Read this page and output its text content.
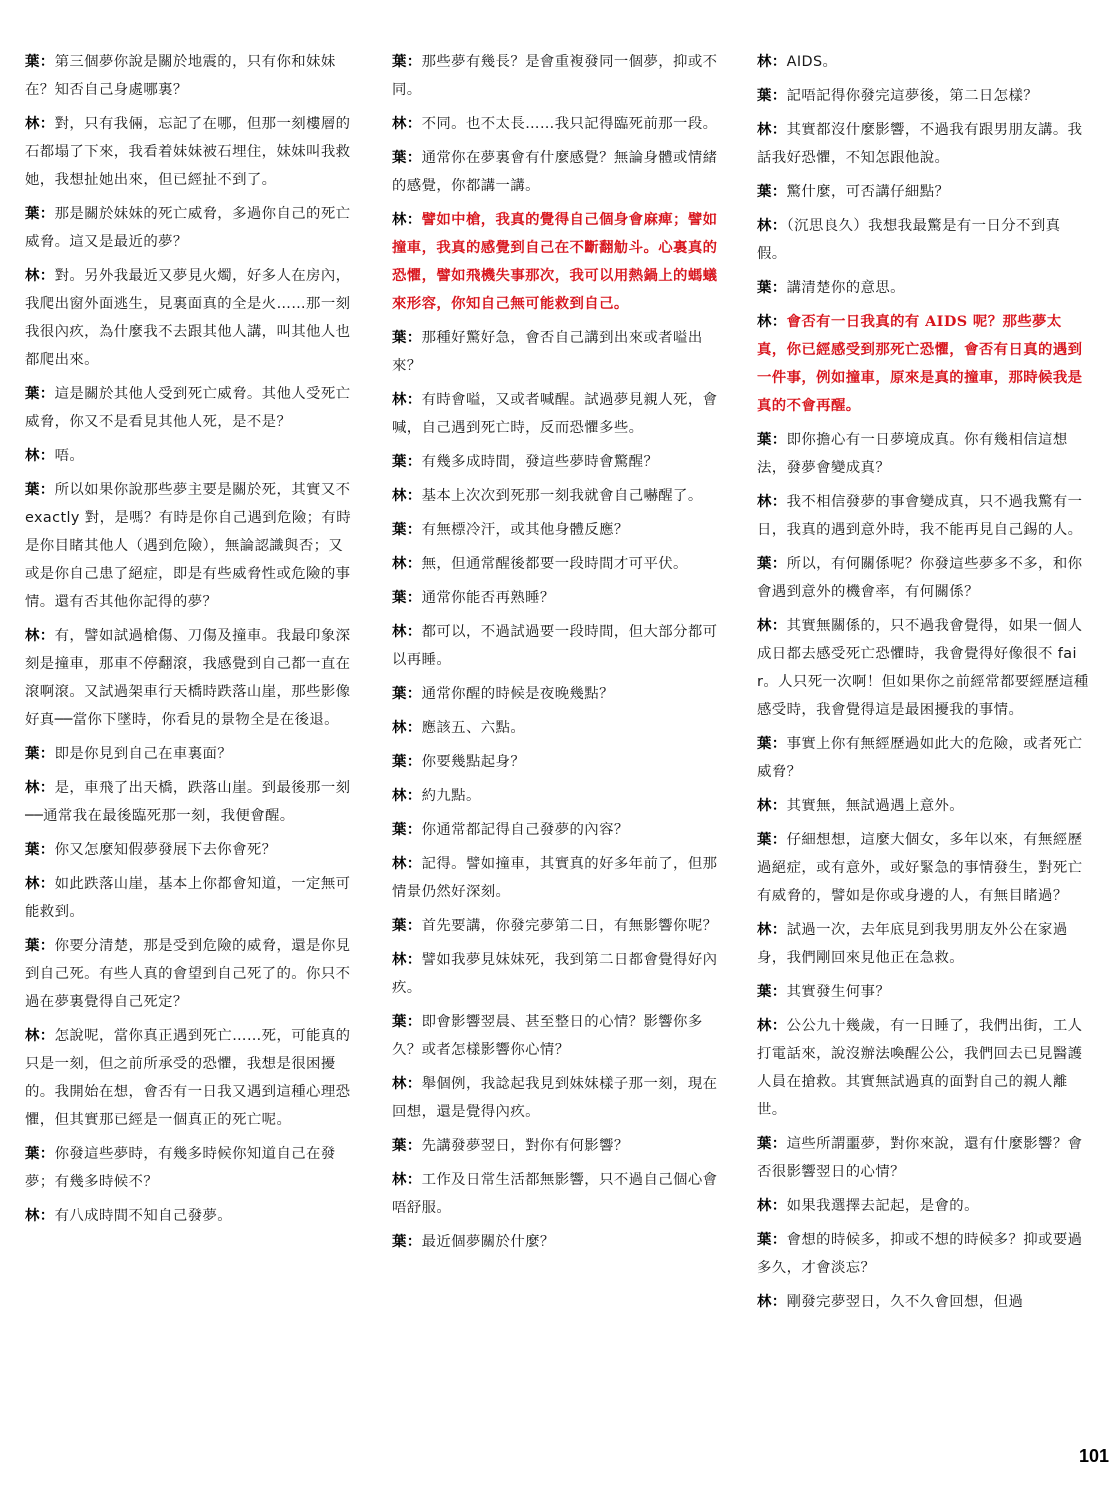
葉：第三個夢你說是關於地震的，只有你和妹妹在？知否自己身處哪裏？

林：對，只有我倆，忘記了在哪，但那一刻樓層的石都塌了下來，我看着妹妹被石埋住，妹妹叫我救她，我想扯她出來，但已經扯不到了。

葉：那是關於妹妹的死亡威脅，多過你自己的死亡威脅。這又是最近的夢？

林：對。另外我最近又夢見火燭，好多人在房內，我爬出窗外面逃生，見裏面真的全是火……那一刻我很內疚，為什麼我不去跟其他人講，叫其他人也都爬出來。

葉：這是關於其他人受到死亡威脅。其他人受死亡威脅，你又不是看見其他人死，是不是？

林：唔。

葉：所以如果你說那些夢主要是關於死，其實又不 exactly 對，是嗎？有時是你自己遇到危險；有時是你目睹其他人（遇到危險），無論認識與否；又或是你自己患了絕症，即是有些威脅性或危險的事情。還有否其他你記得的夢？

林：有，譬如試過槍傷、刀傷及撞車。我最印象深刻是撞車，那車不停翻滾，我感覺到自己都一直在滾啊滾。又試過架車行天橋時跌落山崖，那些影像好真──當你下墜時，你看見的景物全是在後退。

葉：即是你見到自己在車裏面？

林：是，車飛了出天橋，跌落山崖。到最後那一刻──通常我在最後臨死那一刻，我便會醒。

葉：你又怎麼知假夢發展下去你會死？

林：如此跌落山崖，基本上你都會知道，一定無可能救到。

葉：你要分清楚，那是受到危險的威脅，還是你見到自己死。有些人真的會望到自己死了的。你只不過在夢裏覺得自己死定？

林：怎說呢，當你真正遇到死亡……死，可能真的只是一刻，但之前所承受的恐懼，我想是很困擾的。我開始在想，會否有一日我又遇到這種心理恐懼，但其實那已經是一個真正的死亡呢。

葉：你發這些夢時，有幾多時候你知道自己在發夢；有幾多時候不？

林：有八成時間不知自己發夢。

葉：那些夢有幾長？是會重複發同一個夢，抑或不同。

林：不同。也不太長……我只記得臨死前那一段。

葉：通常你在夢裏會有什麼感覺？無論身體或情緒的感覺，你都講一講。

林：譬如中槍，我真的覺得自己個身會麻痺；譬如撞車，我真的感覺到自己在不斷翻觔斗。心裏真的恐懼，譬如飛機失事那次，我可以用熱鍋上的螞蟻來形容，你知自己無可能救到自己。

葉：那種好驚好急，會否自己講到出來或者嗌出來？

林：有時會嗌，又或者喊醒。試過夢見親人死，會喊，自己遇到死亡時，反而恐懼多些。

葉：有幾多成時間，發這些夢時會驚醒？

林：基本上次次到死那一刻我就會自己嚇醒了。

葉：有無標冷汗，或其他身體反應？

林：無，但通常醒後都要一段時間才可平伏。

葉：通常你能否再熟睡？

林：都可以，不過試過要一段時間，但大部分都可以再睡。

葉：通常你醒的時候是夜晚幾點？

林：應該五、六點。

葉：你要幾點起身？

林：約九點。

葉：你通常都記得自己發夢的內容？

林：記得。譬如撞車，其實真的好多年前了，但那情景仍然好深刻。

葉：首先要講，你發完夢第二日，有無影響你呢？

林：譬如我夢見妹妹死，我到第二日都會覺得好內疚。

葉：即會影響翌晨、甚至整日的心情？影響你多久？或者怎樣影響你心情？

林：舉個例，我諗起我見到妹妹樣子那一刻，現在回想，還是覺得內疚。

葉：先講發夢翌日，對你有何影響？

林：工作及日常生活都無影響，只不過自己個心會唔舒服。

葉：最近個夢關於什麼？

林：AIDS。

葉：記唔記得你發完這夢後，第二日怎樣？

林：其實都沒什麼影響，不過我有跟男朋友講。我話我好恐懼，不知怎跟他說。

葉：驚什麼，可否講仔細點？

林：（沉思良久）我想我最驚是有一日分不到真假。

葉：講清楚你的意思。

林：會否有一日我真的有 AIDS 呢？那些夢太真，你已經感受到那死亡恐懼，會否有日真的遇到一件事，例如撞車，原來是真的撞車，那時候我是真的不會再醒。

葉：即你擔心有一日夢境成真。你有幾相信這想法，發夢會變成真？

林：我不相信發夢的事會變成真，只不過我驚有一日，我真的遇到意外時，我不能再見自己錫的人。

葉：所以，有何關係呢？你發這些夢多不多，和你會遇到意外的機會率，有何關係？

林：其實無關係的，只不過我會覺得，如果一個人成日都去感受死亡恐懼時，我會覺得好像很不 fair。人只死一次啊！但如果你之前經常都要經歷這種感受時，我會覺得這是最困擾我的事情。

葉：事實上你有無經歷過如此大的危險，或者死亡威脅？

林：其實無，無試過遇上意外。

葉：仔細想想，這麼大個女，多年以來，有無經歷過絕症，或有意外，或好緊急的事情發生，對死亡有威脅的，譬如是你或身邊的人，有無目睹過？

林：試過一次，去年底見到我男朋友外公在家過身，我們剛回來見他正在急救。

葉：其實發生何事？

林：公公九十幾歲，有一日睡了，我們出街，工人打電話來，說沒辦法喚醒公公，我們回去已見醫護人員在搶救。其實無試過真的面對自己的親人離世。

葉：這些所謂噩夢，對你來說，還有什麼影響？會否很影響翌日的心情？

林：如果我選擇去記起，是會的。

葉：會想的時候多，抑或不想的時候多？抑或要過多久，才會淡忘？

林：剛發完夢翌日，久不久會回想，但過

101
